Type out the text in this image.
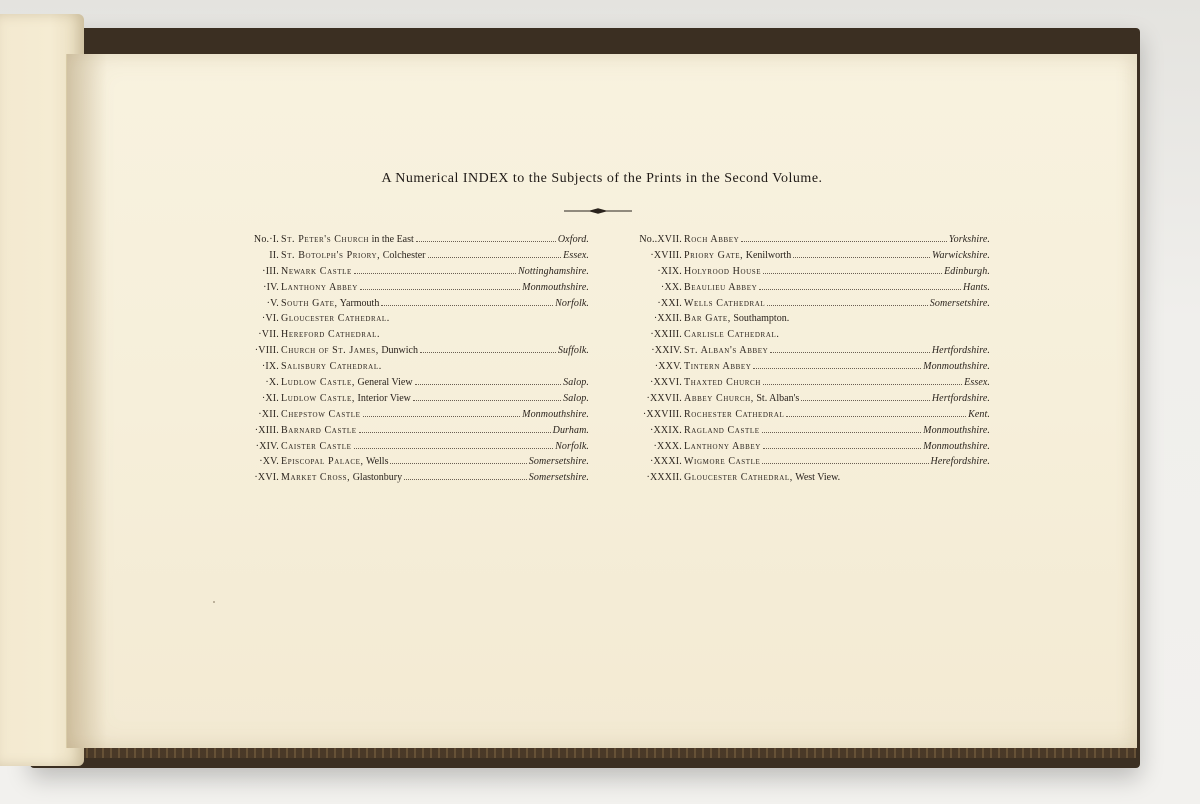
A Numerical INDEX to the Subjects of the Prints in the Second Volume.
No.·I. St. Peter's Church in the East	Oxford.
II. St. Botolph's Priory, Colchester	Essex.
·III. Newark Castle	Nottinghamshire.
·IV. Lanthony Abbey	Monmouthshire.
·V. South Gate, Yarmouth	Norfolk.
·VI. Gloucester Cathedral.
·VII. Hereford Cathedral.
·VIII. Church of St. James, Dunwich	Suffolk.
·IX. Salisbury Cathedral.
·X. Ludlow Castle, General View	Salop.
·XI. Ludlow Castle, Interior View	Salop.
·XII. Chepstow Castle	Monmouthshire.
·XIII. Barnard Castle	Durham.
·XIV. Caister Castle	Norfolk.
·XV. Episcopal Palace, Wells	Somersetshire.
·XVI. Market Cross, Glastonbury	Somersetshire.
No..XVII. Roch Abbey	Yorkshire.
·XVIII. Priory Gate, Kenilworth	Warwickshire.
·XIX. Holyrood House	Edinburgh.
·XX. Beaulieu Abbey	Hants.
·XXI. Wells Cathedral	Somersetshire.
·XXII. Bar Gate, Southampton.
·XXIII. Carlisle Cathedral.
·XXIV. St. Alban's Abbey	Hertfordshire.
·XXV. Tintern Abbey	Monmouthshire.
·XXVI. Thaxted Church	Essex.
·XXVII. Abbey Church, St. Alban's	Hertfordshire.
·XXVIII. Rochester Cathedral	Kent.
·XXIX. Ragland Castle	Monmouthshire.
·XXX. Lanthony Abbey	Monmouthshire.
·XXXI. Wigmore Castle	Herefordshire.
·XXXII. Gloucester Cathedral, West View.
